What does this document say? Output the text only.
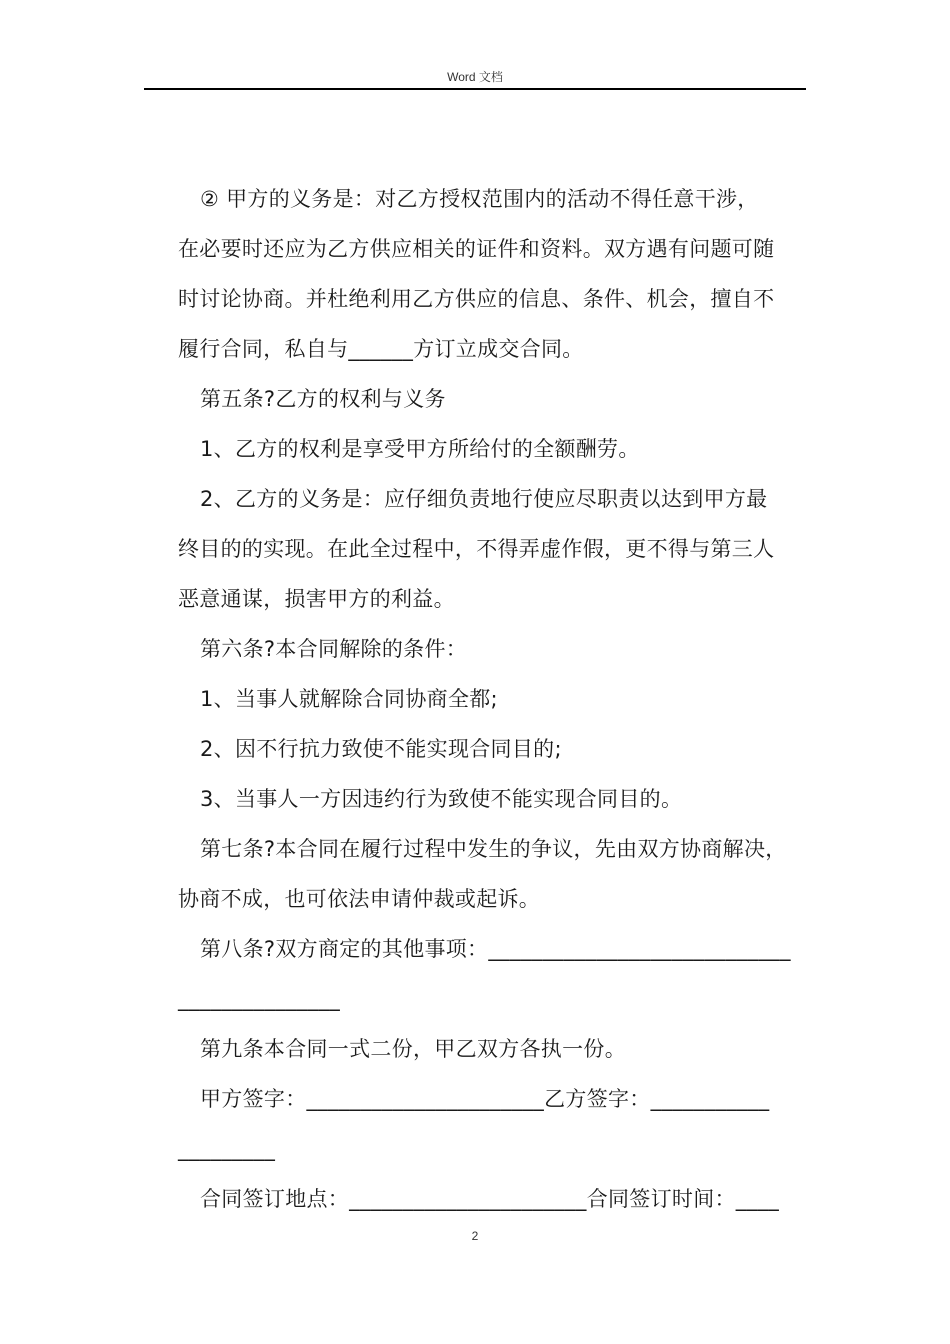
Word 文档
② 甲方的义务是：对乙方授权范围内的活动不得任意干涉，
在必要时还应为乙方供应相关的证件和资料。双方遇有问题可随
时讨论协商。并杜绝利用乙方供应的信息、条件、机会，擅自不
履行合同，私自与______方订立成交合同。
第五条?乙方的权利与义务
1、乙方的权利是享受甲方所给付的全额酬劳。
2、乙方的义务是：应仔细负责地行使应尽职责以达到甲方最
终目的的实现。在此全过程中，不得弄虚作假，更不得与第三人
恶意通谋，损害甲方的利益。
第六条?本合同解除的条件：
1、当事人就解除合同协商全都;
2、因不行抗力致使不能实现合同目的;
3、当事人一方因违约行为致使不能实现合同目的。
第七条?本合同在履行过程中发生的争议，先由双方协商解决，
协商不成，也可依法申请仲裁或起诉。
第八条?双方商定的其他事项：____________________________
_______________
第九条本合同一式二份，甲乙双方各执一份。
甲方签字：______________________乙方签字：___________
_________
合同签订地点：______________________合同签订时间：____
2
